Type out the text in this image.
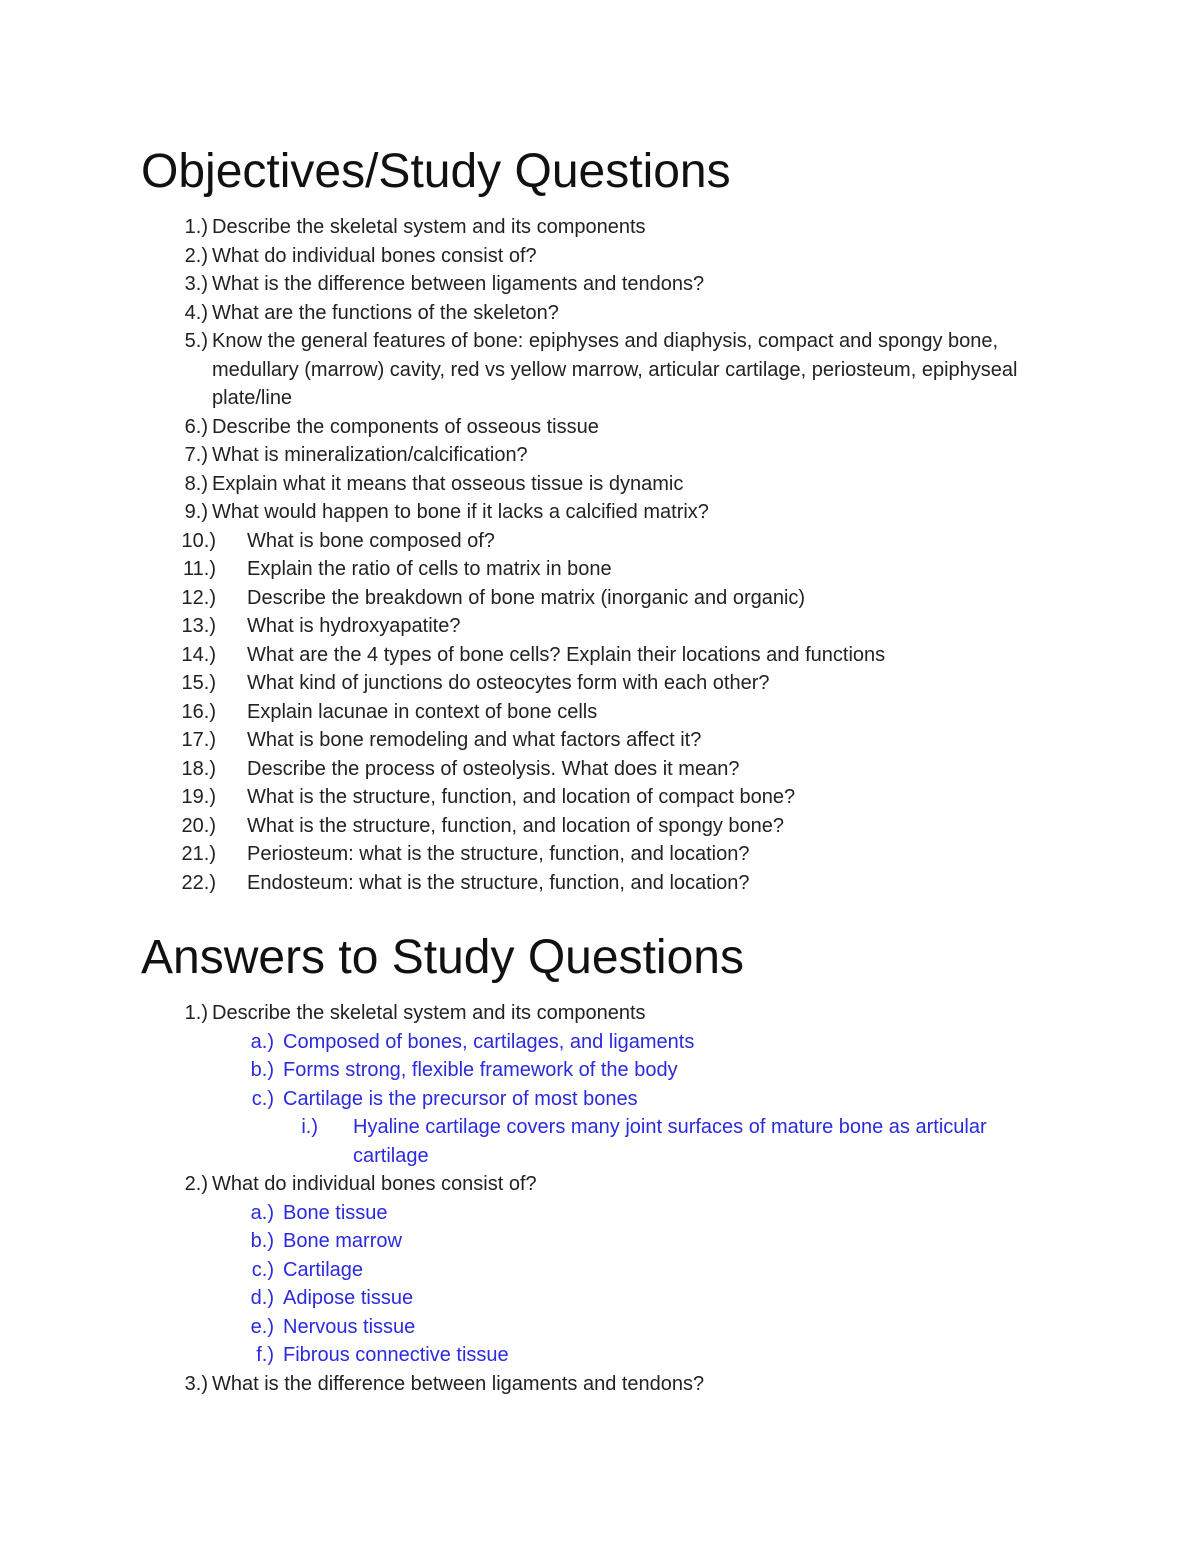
Objectives/Study Questions
1.) Describe the skeletal system and its components
2.) What do individual bones consist of?
3.) What is the difference between ligaments and tendons?
4.) What are the functions of the skeleton?
5.) Know the general features of bone: epiphyses and diaphysis, compact and spongy bone, medullary (marrow) cavity, red vs yellow marrow, articular cartilage, periosteum, epiphyseal plate/line
6.) Describe the components of osseous tissue
7.) What is mineralization/calcification?
8.) Explain what it means that osseous tissue is dynamic
9.) What would happen to bone if it lacks a calcified matrix?
10.) What is bone composed of?
11.) Explain the ratio of cells to matrix in bone
12.) Describe the breakdown of bone matrix (inorganic and organic)
13.) What is hydroxyapatite?
14.) What are the 4 types of bone cells? Explain their locations and functions
15.) What kind of junctions do osteocytes form with each other?
16.) Explain lacunae in context of bone cells
17.) What is bone remodeling and what factors affect it?
18.) Describe the process of osteolysis. What does it mean?
19.) What is the structure, function, and location of compact bone?
20.) What is the structure, function, and location of spongy bone?
21.) Periosteum: what is the structure, function, and location?
22.) Endosteum: what is the structure, function, and location?
Answers to Study Questions
1.) Describe the skeletal system and its components
a.) Composed of bones, cartilages, and ligaments
b.) Forms strong, flexible framework of the body
c.) Cartilage is the precursor of most bones
i.) Hyaline cartilage covers many joint surfaces of mature bone as articular cartilage
2.) What do individual bones consist of?
a.) Bone tissue
b.) Bone marrow
c.) Cartilage
d.) Adipose tissue
e.) Nervous tissue
f.) Fibrous connective tissue
3.) What is the difference between ligaments and tendons?
